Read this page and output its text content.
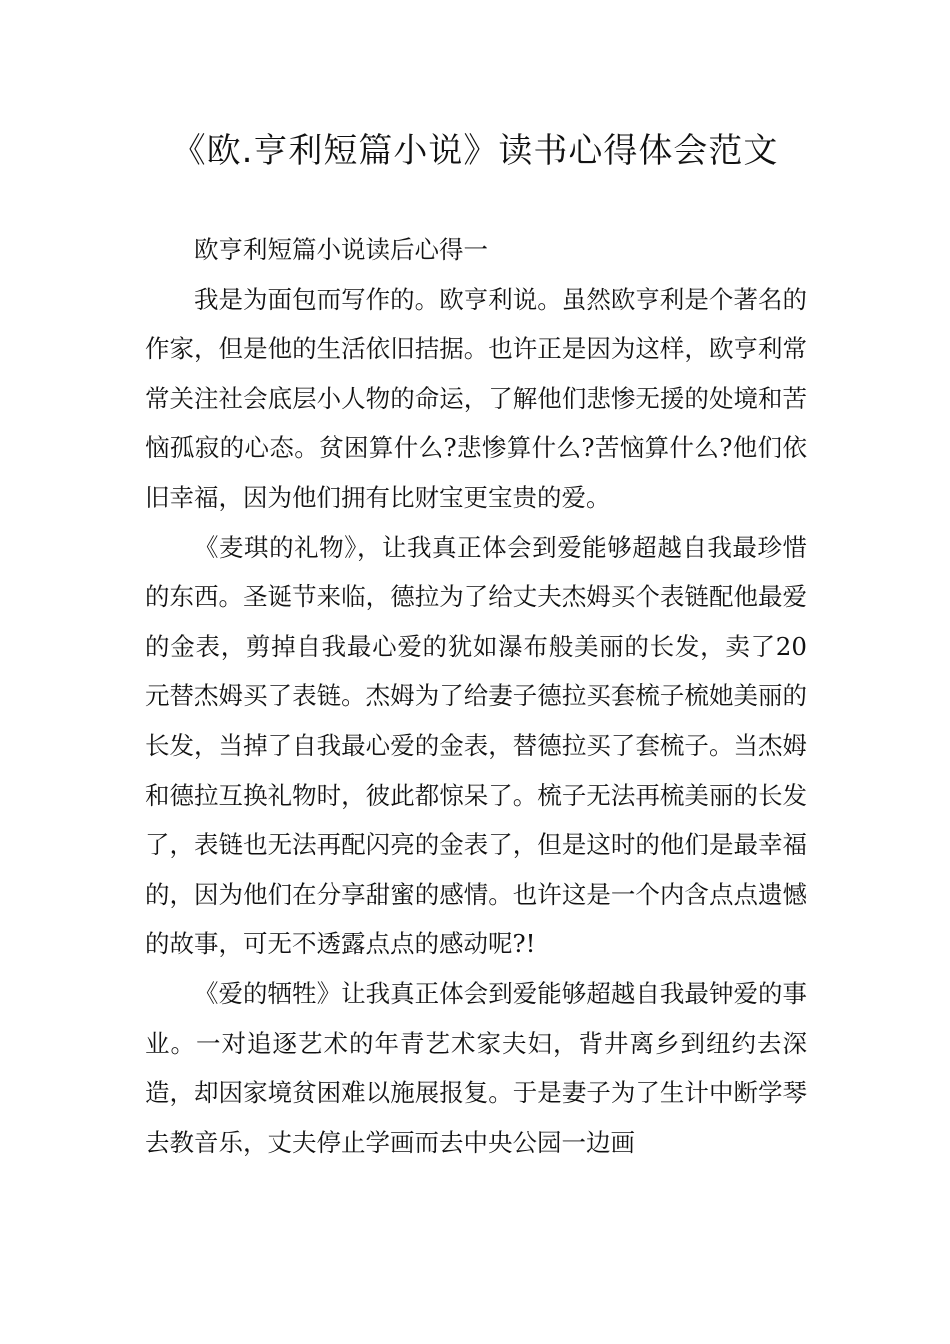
《欧.亨利短篇小说》读书心得体会范文

欧亨利短篇小说读后心得一

我是为面包而写作的。欧亨利说。虽然欧亨利是个著名的作家，但是他的生活依旧拮据。也许正是因为这样，欧亨利常常关注社会底层小人物的命运，了解他们悲惨无援的处境和苦恼孤寂的心态。贫困算什么?悲惨算什么?苦恼算什么?他们依旧幸福，因为他们拥有比财宝更宝贵的爱。

《麦琪的礼物》，让我真正体会到爱能够超越自我最珍惜的东西。圣诞节来临，德拉为了给丈夫杰姆买个表链配他最爱的金表，剪掉自我最心爱的犹如瀑布般美丽的长发，卖了20元替杰姆买了表链。杰姆为了给妻子德拉买套梳子梳她美丽的长发，当掉了自我最心爱的金表，替德拉买了套梳子。当杰姆和德拉互换礼物时，彼此都惊呆了。梳子无法再梳美丽的长发了，表链也无法再配闪亮的金表了，但是这时的他们是最幸福的，因为他们在分享甜蜜的感情。也许这是一个内含点点遗憾的故事，可无不透露点点的感动呢?!

《爱的牺牲》让我真正体会到爱能够超越自我最钟爱的事业。一对追逐艺术的年青艺术家夫妇，背井离乡到纽约去深造，却因家境贫困难以施展报复。于是妻子为了生计中断学琴去教音乐，丈夫停止学画而去中央公园一边画
